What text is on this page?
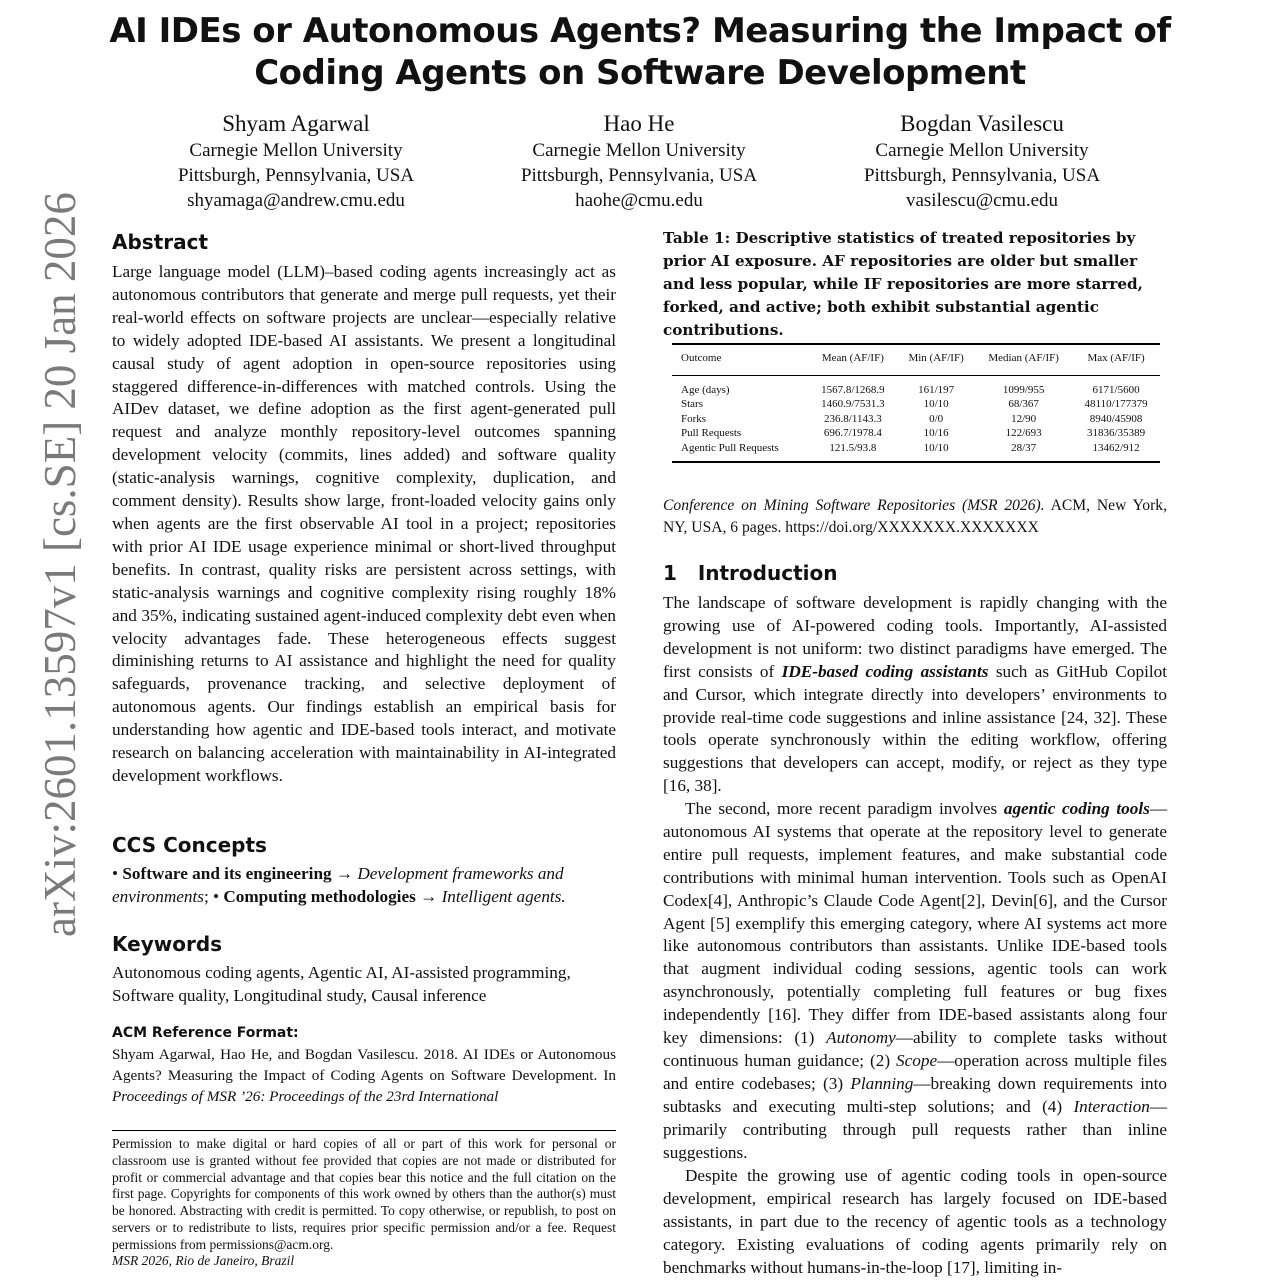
arXiv:2601.13597v1 [cs.SE] 20 Jan 2026
AI IDEs or Autonomous Agents? Measuring the Impact of Coding Agents on Software Development
Shyam Agarwal
Carnegie Mellon University
Pittsburgh, Pennsylvania, USA
shyamaga@andrew.cmu.edu
Hao He
Carnegie Mellon University
Pittsburgh, Pennsylvania, USA
haohe@cmu.edu
Bogdan Vasilescu
Carnegie Mellon University
Pittsburgh, Pennsylvania, USA
vasilescu@cmu.edu
Abstract
Large language model (LLM)–based coding agents increasingly act as autonomous contributors that generate and merge pull requests, yet their real-world effects on software projects are unclear—especially relative to widely adopted IDE-based AI assistants. We present a longitudinal causal study of agent adoption in open-source repositories using staggered difference-in-differences with matched controls. Using the AIDev dataset, we define adoption as the first agent-generated pull request and analyze monthly repository-level outcomes spanning development velocity (commits, lines added) and software quality (static-analysis warnings, cognitive complexity, duplication, and comment density). Results show large, front-loaded velocity gains only when agents are the first observable AI tool in a project; repositories with prior AI IDE usage experience minimal or short-lived throughput benefits. In contrast, quality risks are persistent across settings, with static-analysis warnings and cognitive complexity rising roughly 18% and 35%, indicating sustained agent-induced complexity debt even when velocity advantages fade. These heterogeneous effects suggest diminishing returns to AI assistance and highlight the need for quality safeguards, provenance tracking, and selective deployment of autonomous agents. Our findings establish an empirical basis for understanding how agentic and IDE-based tools interact, and motivate research on balancing acceleration with maintainability in AI-integrated development workflows.
CCS Concepts
• Software and its engineering → Development frameworks and environments; • Computing methodologies → Intelligent agents.
Keywords
Autonomous coding agents, Agentic AI, AI-assisted programming, Software quality, Longitudinal study, Causal inference
ACM Reference Format:
Shyam Agarwal, Hao He, and Bogdan Vasilescu. 2018. AI IDEs or Autonomous Agents? Measuring the Impact of Coding Agents on Software Development. In Proceedings of MSR ’26: Proceedings of the 23rd International
Permission to make digital or hard copies of all or part of this work for personal or classroom use is granted without fee provided that copies are not made or distributed for profit or commercial advantage and that copies bear this notice and the full citation on the first page. Copyrights for components of this work owned by others than the author(s) must be honored. Abstracting with credit is permitted. To copy otherwise, or republish, to post on servers or to redistribute to lists, requires prior specific permission and/or a fee. Request permissions from permissions@acm.org.
MSR 2026, Rio de Janeiro, Brazil
Table 1: Descriptive statistics of treated repositories by prior AI exposure. AF repositories are older but smaller and less popular, while IF repositories are more starred, forked, and active; both exhibit substantial agentic contributions.
Outcome	Mean (AF/IF)	Min (AF/IF)	Median (AF/IF)	Max (AF/IF)
Age (days)	1567.8/1268.9	161/197	1099/955	6171/5600
Stars	1460.9/7531.3	10/10	68/367	48110/177379
Forks	236.8/1143.3	0/0	12/90	8940/45908
Pull Requests	696.7/1978.4	10/16	122/693	31836/35389
Agentic Pull Requests	121.5/93.8	10/10	28/37	13462/912
Conference on Mining Software Repositories (MSR 2026). ACM, New York, NY, USA, 6 pages. https://doi.org/XXXXXXX.XXXXXXX
1 Introduction
The landscape of software development is rapidly changing with the growing use of AI-powered coding tools. Importantly, AI-assisted development is not uniform: two distinct paradigms have emerged. The first consists of IDE-based coding assistants such as GitHub Copilot and Cursor, which integrate directly into developers’ environments to provide real-time code suggestions and inline assistance [24, 32]. These tools operate synchronously within the editing workflow, offering suggestions that developers can accept, modify, or reject as they type [16, 38].
The second, more recent paradigm involves agentic coding tools—autonomous AI systems that operate at the repository level to generate entire pull requests, implement features, and make substantial code contributions with minimal human intervention. Tools such as OpenAI Codex[4], Anthropic’s Claude Code Agent[2], Devin[6], and the Cursor Agent [5] exemplify this emerging category, where AI systems act more like autonomous contributors than assistants. Unlike IDE-based tools that augment individual coding sessions, agentic tools can work asynchronously, potentially completing full features or bug fixes independently [16]. They differ from IDE-based assistants along four key dimensions: (1) Autonomy—ability to complete tasks without continuous human guidance; (2) Scope—operation across multiple files and entire codebases; (3) Planning—breaking down requirements into subtasks and executing multi-step solutions; and (4) Interaction—primarily contributing through pull requests rather than inline suggestions.
Despite the growing use of agentic coding tools in open-source development, empirical research has largely focused on IDE-based assistants, in part due to the recency of agentic tools as a technology category. Existing evaluations of coding agents primarily rely on benchmarks without humans-in-the-loop [17], limiting in-
